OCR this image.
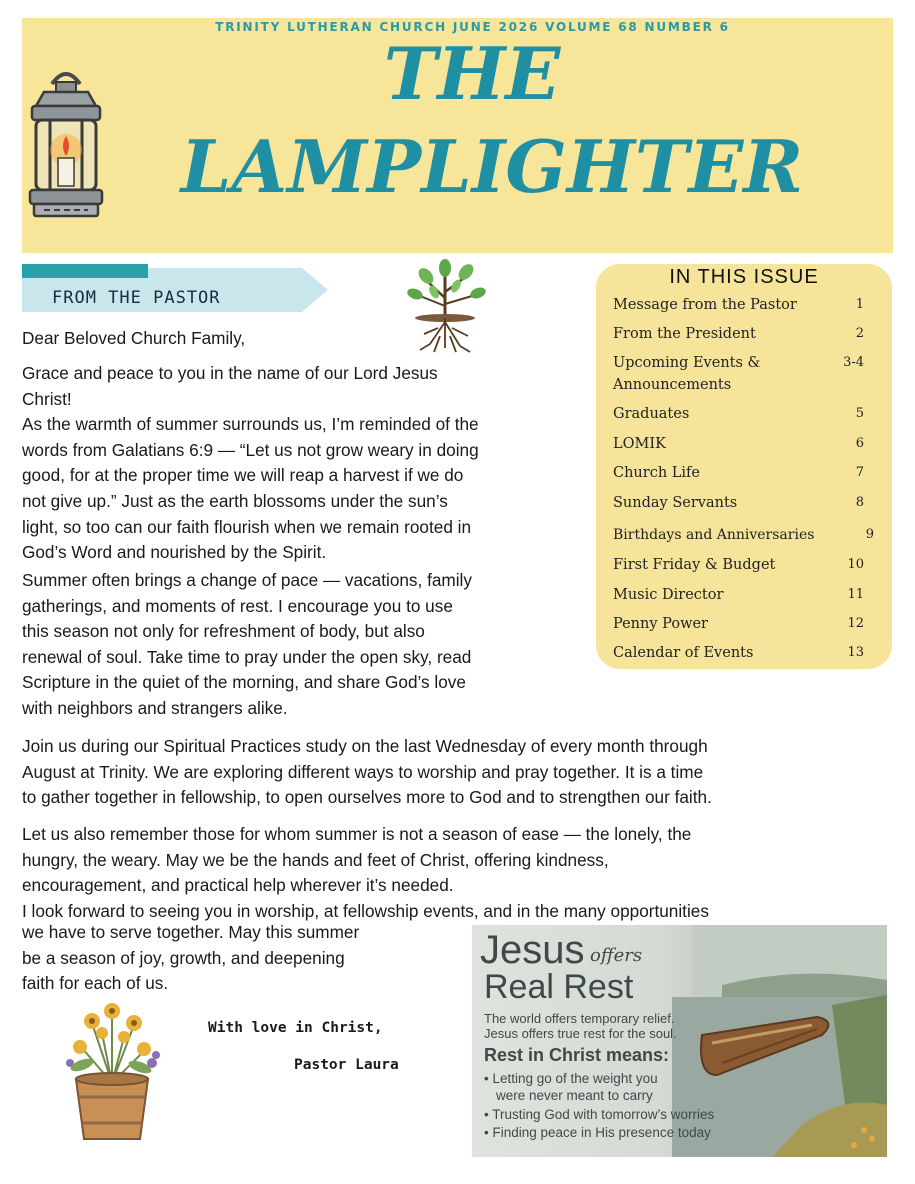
TRINITY LUTHERAN CHURCH JUNE 2026 VOLUME 68 NUMBER 6
THE
LAMPLIGHTER
FROM THE PASTOR
Dear Beloved Church Family,

Grace and peace to you in the name of our Lord Jesus

Christ!

As the warmth of summer surrounds us, I’m reminded of the

words from Galatians 6:9 — “Let us not grow weary in doing

good, for at the proper time we will reap a harvest if we do

not give up.” Just as the earth blossoms under the sun’s

light, so too can our faith flourish when we remain rooted in

God’s Word and nourished by the Spirit.

Summer often brings a change of pace — vacations, family

gatherings, and moments of rest. I encourage you to use

this season not only for refreshment of body, but also

renewal of soul. Take time to pray under the open sky, read

Scripture in the quiet of the morning, and share God’s love

with neighbors and strangers alike.

Join us during our Spiritual Practices study on the last Wednesday of every month through

August at Trinity. We are exploring different ways to worship and pray together. It is a time

to gather together in fellowship, to open ourselves more to God and to strengthen our faith.

Let us also remember those for whom summer is not a season of ease — the lonely, the

hungry, the weary. May we be the hands and feet of Christ, offering kindness,

encouragement, and practical help wherever it’s needed.

I look forward to seeing you in worship, at fellowship events, and in the many opportunities

we have to serve together. May this summer

be a season of joy, growth, and deepening

faith for each of us.

IN THIS ISSUE
Message from the Pastor	1
From the President	2
Upcoming Events &
Announcements
3-4
Graduates	5
LOMIK	6
Church Life	7
Sunday Servants	8
Birthdays and Anniversaries	9
First Friday & Budget	10
Music Director	11
Penny Power	12
Calendar of Events	13
With love in Christ,
Pastor Laura
Jesus offers
Real Rest
The world offers temporary relief.
Jesus offers true rest for the soul.
Rest in Christ means:
• Letting go of the weight you
were never meant to carry
• Trusting God with tomorrow’s worries
• Finding peace in His presence today
